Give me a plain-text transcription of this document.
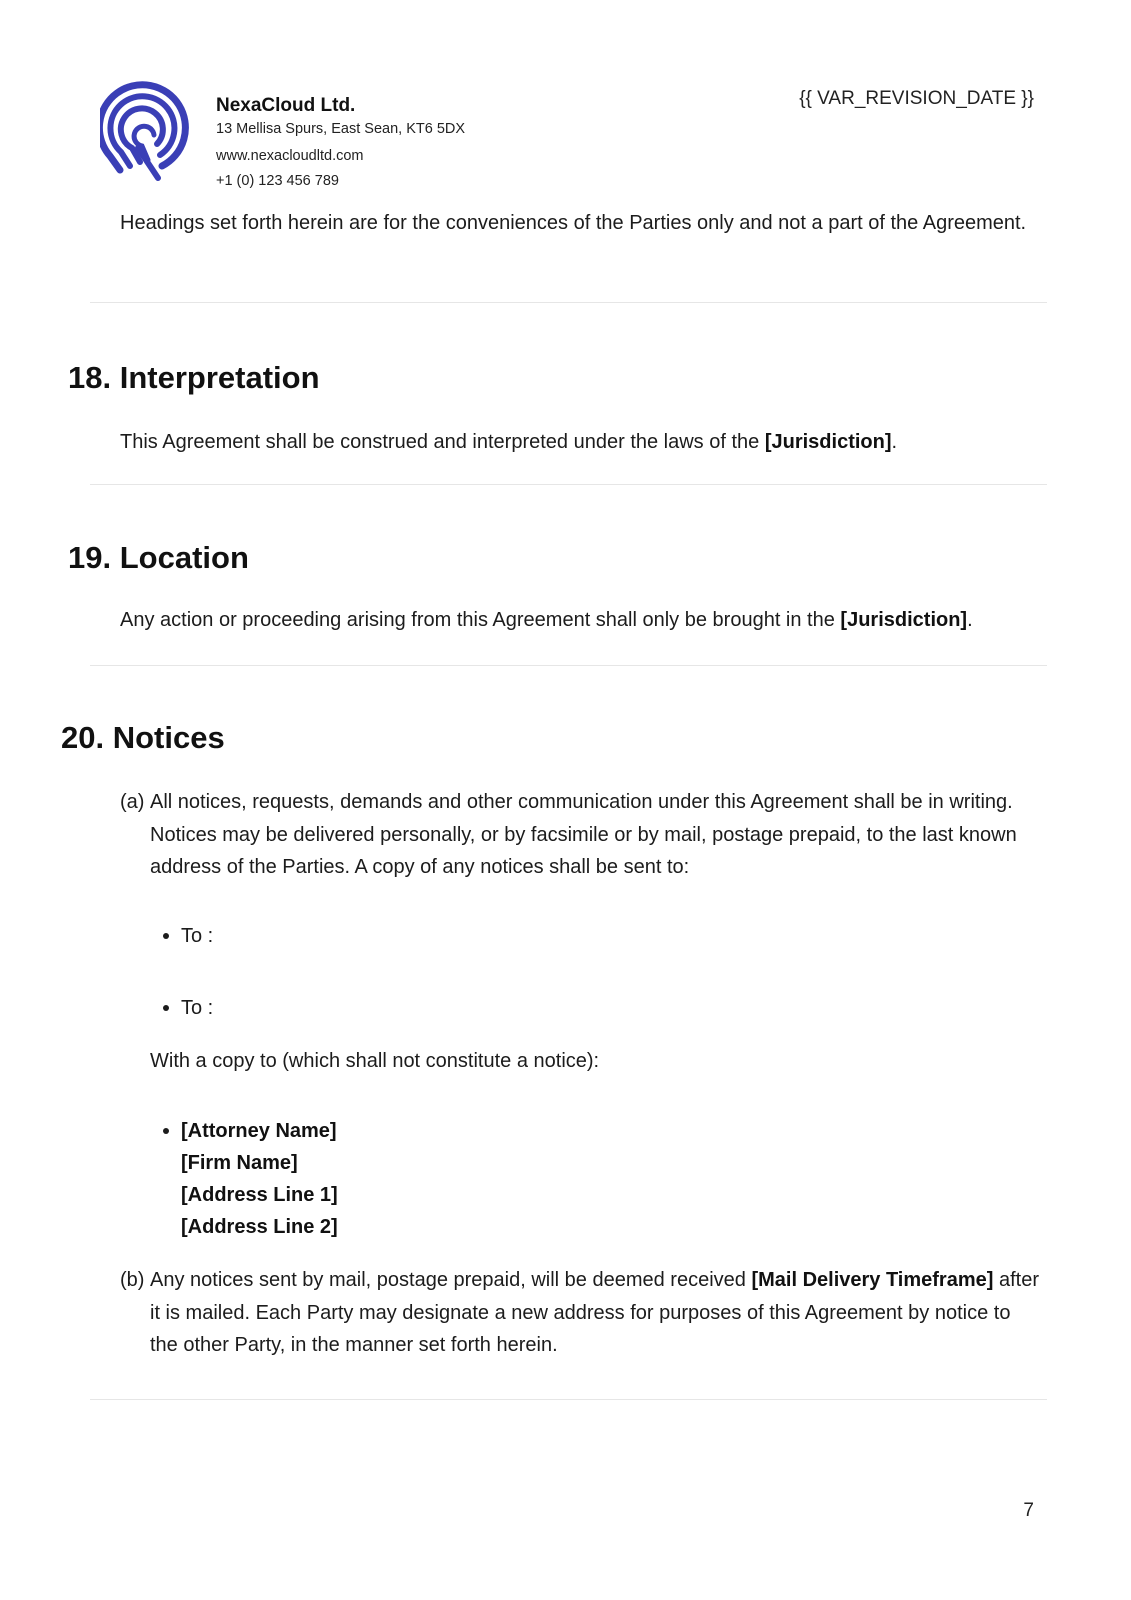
NexaCloud Ltd.

13 Mellisa Spurs, East Sean, KT6 5DX

www.nexacloudltd.com

+1 (0) 123 456 789

{{ VAR_REVISION_DATE }}

Headings set forth herein are for the conveniences of the Parties only and not a part of the Agreement.

18. Interpretation

This Agreement shall be construed and interpreted under the laws of the [Jurisdiction].

19. Location

Any action or proceeding arising from this Agreement shall only be brought in the [Jurisdiction].

20. Notices
(a) All notices, requests, demands and other communication under this Agreement shall be in writing. Notices may be delivered personally, or by facsimile or by mail, postage prepaid, to the last known address of the Parties. A copy of any notices shall be sent to:
To :
To :
With a copy to (which shall not constitute a notice):
[Attorney Name]
[Firm Name]
[Address Line 1]
[Address Line 2]
(b) Any notices sent by mail, postage prepaid, will be deemed received [Mail Delivery Timeframe] after it is mailed. Each Party may designate a new address for purposes of this Agreement by notice to the other Party, in the manner set forth herein.
7
